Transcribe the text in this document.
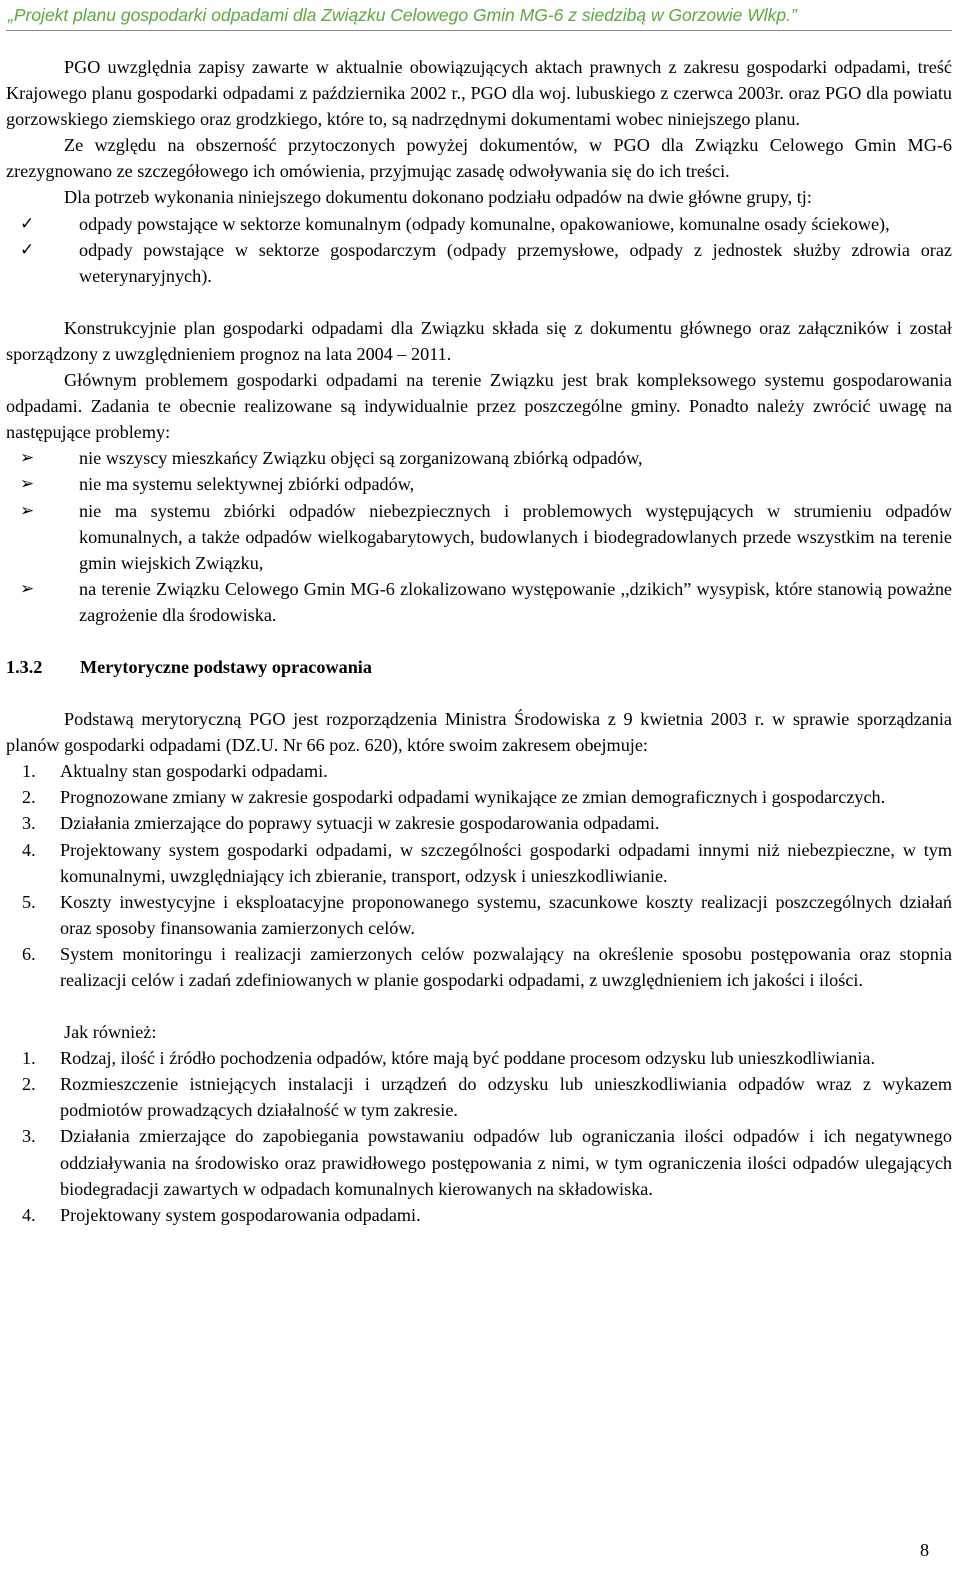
„Projekt planu gospodarki odpadami dla Związku Celowego Gmin MG-6 z siedzibą w Gorzowie Wlkp.”

PGO uwzględnia zapisy zawarte w aktualnie obowiązujących aktach prawnych z zakresu gospodarki odpadami, treść Krajowego planu gospodarki odpadami z października 2002 r., PGO dla woj. lubuskiego z czerwca 2003r. oraz PGO dla powiatu gorzowskiego ziemskiego oraz grodzkiego, które to, są nadrzędnymi dokumentami wobec niniejszego planu.

Ze względu na obszerność przytoczonych powyżej dokumentów, w PGO dla Związku Celowego Gmin MG-6 zrezygnowano ze szczegółowego ich omówienia, przyjmując zasadę odwoływania się do ich treści.

Dla potrzeb wykonania niniejszego dokumentu dokonano podziału odpadów na dwie główne grupy, tj:

✓ odpady powstające w sektorze komunalnym (odpady komunalne, opakowaniowe, komunalne osady ściekowe),
✓ odpady powstające w sektorze gospodarczym (odpady przemysłowe, odpady z jednostek służby zdrowia oraz weterynaryjnych).

Konstrukcyjnie plan gospodarki odpadami dla Związku składa się z dokumentu głównego oraz załączników i został sporządzony z uwzględnieniem prognoz na lata 2004 – 2011.

Głównym problemem gospodarki odpadami na terenie Związku jest brak kompleksowego systemu gospodarowania odpadami. Zadania te obecnie realizowane są indywidualnie przez poszczególne gminy. Ponadto należy zwrócić uwagę na następujące problemy:

➢ nie wszyscy mieszkańcy Związku objęci są zorganizowaną zbiórką odpadów,
➢ nie ma systemu selektywnej zbiórki odpadów,
➢ nie ma systemu zbiórki odpadów niebezpiecznych i problemowych występujących w strumieniu odpadów komunalnych, a także odpadów wielkogabarytowych, budowlanych i biodegradowlanych przede wszystkim na terenie gmin wiejskich Związku,
➢ na terenie Związku Celowego Gmin MG-6 zlokalizowano występowanie ,,dzikich” wysypisk, które stanowią poważne zagrożenie dla środowiska.
1.3.2 Merytoryczne podstawy opracowania

Podstawą merytoryczną PGO jest rozporządzenia Ministra Środowiska z 9 kwietnia 2003 r. w sprawie sporządzania planów gospodarki odpadami (DZ.U. Nr 66 poz. 620), które swoim zakresem obejmuje:

1. Aktualny stan gospodarki odpadami.
2. Prognozowane zmiany w zakresie gospodarki odpadami wynikające ze zmian demograficznych i gospodarczych.
3. Działania zmierzające do poprawy sytuacji w zakresie gospodarowania odpadami.
4. Projektowany system gospodarki odpadami, w szczególności gospodarki odpadami innymi niż niebezpieczne, w tym komunalnymi, uwzględniający ich zbieranie, transport, odzysk i unieszkodliwianie.
5. Koszty inwestycyjne i eksploatacyjne proponowanego systemu, szacunkowe koszty realizacji poszczególnych działań oraz sposoby finansowania zamierzonych celów.
6. System monitoringu i realizacji zamierzonych celów pozwalający na określenie sposobu postępowania oraz stopnia realizacji celów i zadań zdefiniowanych w planie gospodarki odpadami, z uwzględnieniem ich jakości i ilości.

Jak również:

1. Rodzaj, ilość i źródło pochodzenia odpadów, które mają być poddane procesom odzysku lub unieszkodliwiania.
2. Rozmieszczenie istniejących instalacji i urządzeń do odzysku lub unieszkodliwiania odpadów wraz z wykazem podmiotów prowadzących działalność w tym zakresie.
3. Działania zmierzające do zapobiegania powstawaniu odpadów lub ograniczania ilości odpadów i ich negatywnego oddziaływania na środowisko oraz prawidłowego postępowania z nimi, w tym ograniczenia ilości odpadów ulegających biodegradacji zawartych w odpadach komunalnych kierowanych na składowiska.
4. Projektowany system gospodarowania odpadami.
8
